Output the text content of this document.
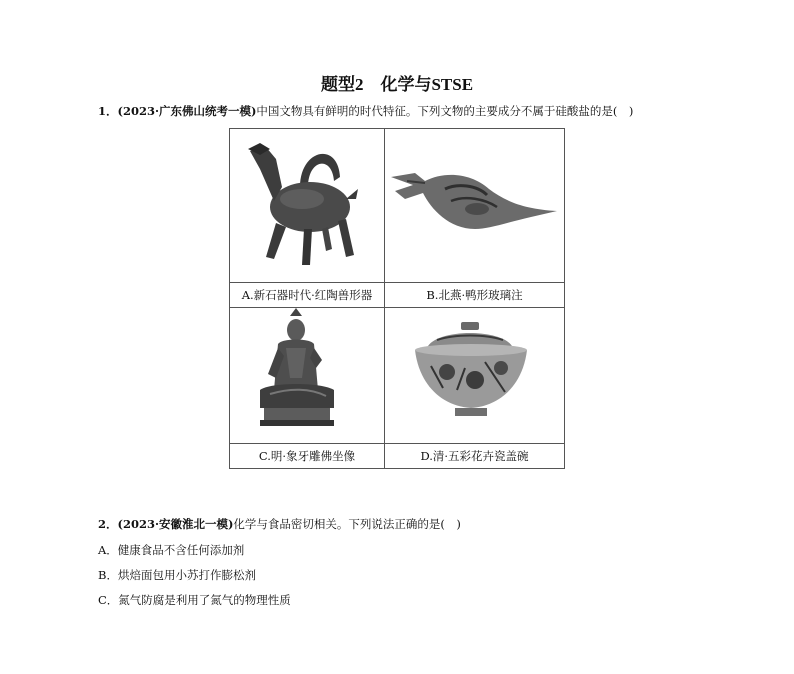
题型2　化学与STSE
1．(2023·广东佛山统考一模)中国文物具有鲜明的时代特征。下列文物的主要成分不属于硅酸盐的是(　)
A.新石器时代·红陶兽形器	B.北燕·鸭形玻璃注
C.明·象牙雕佛坐像	D.清·五彩花卉瓷盖碗
2．(2023·安徽淮北一模)化学与食品密切相关。下列说法正确的是(　)
A．健康食品不含任何添加剂
B．烘焙面包用小苏打作膨松剂
C．氮气防腐是利用了氮气的物理性质
